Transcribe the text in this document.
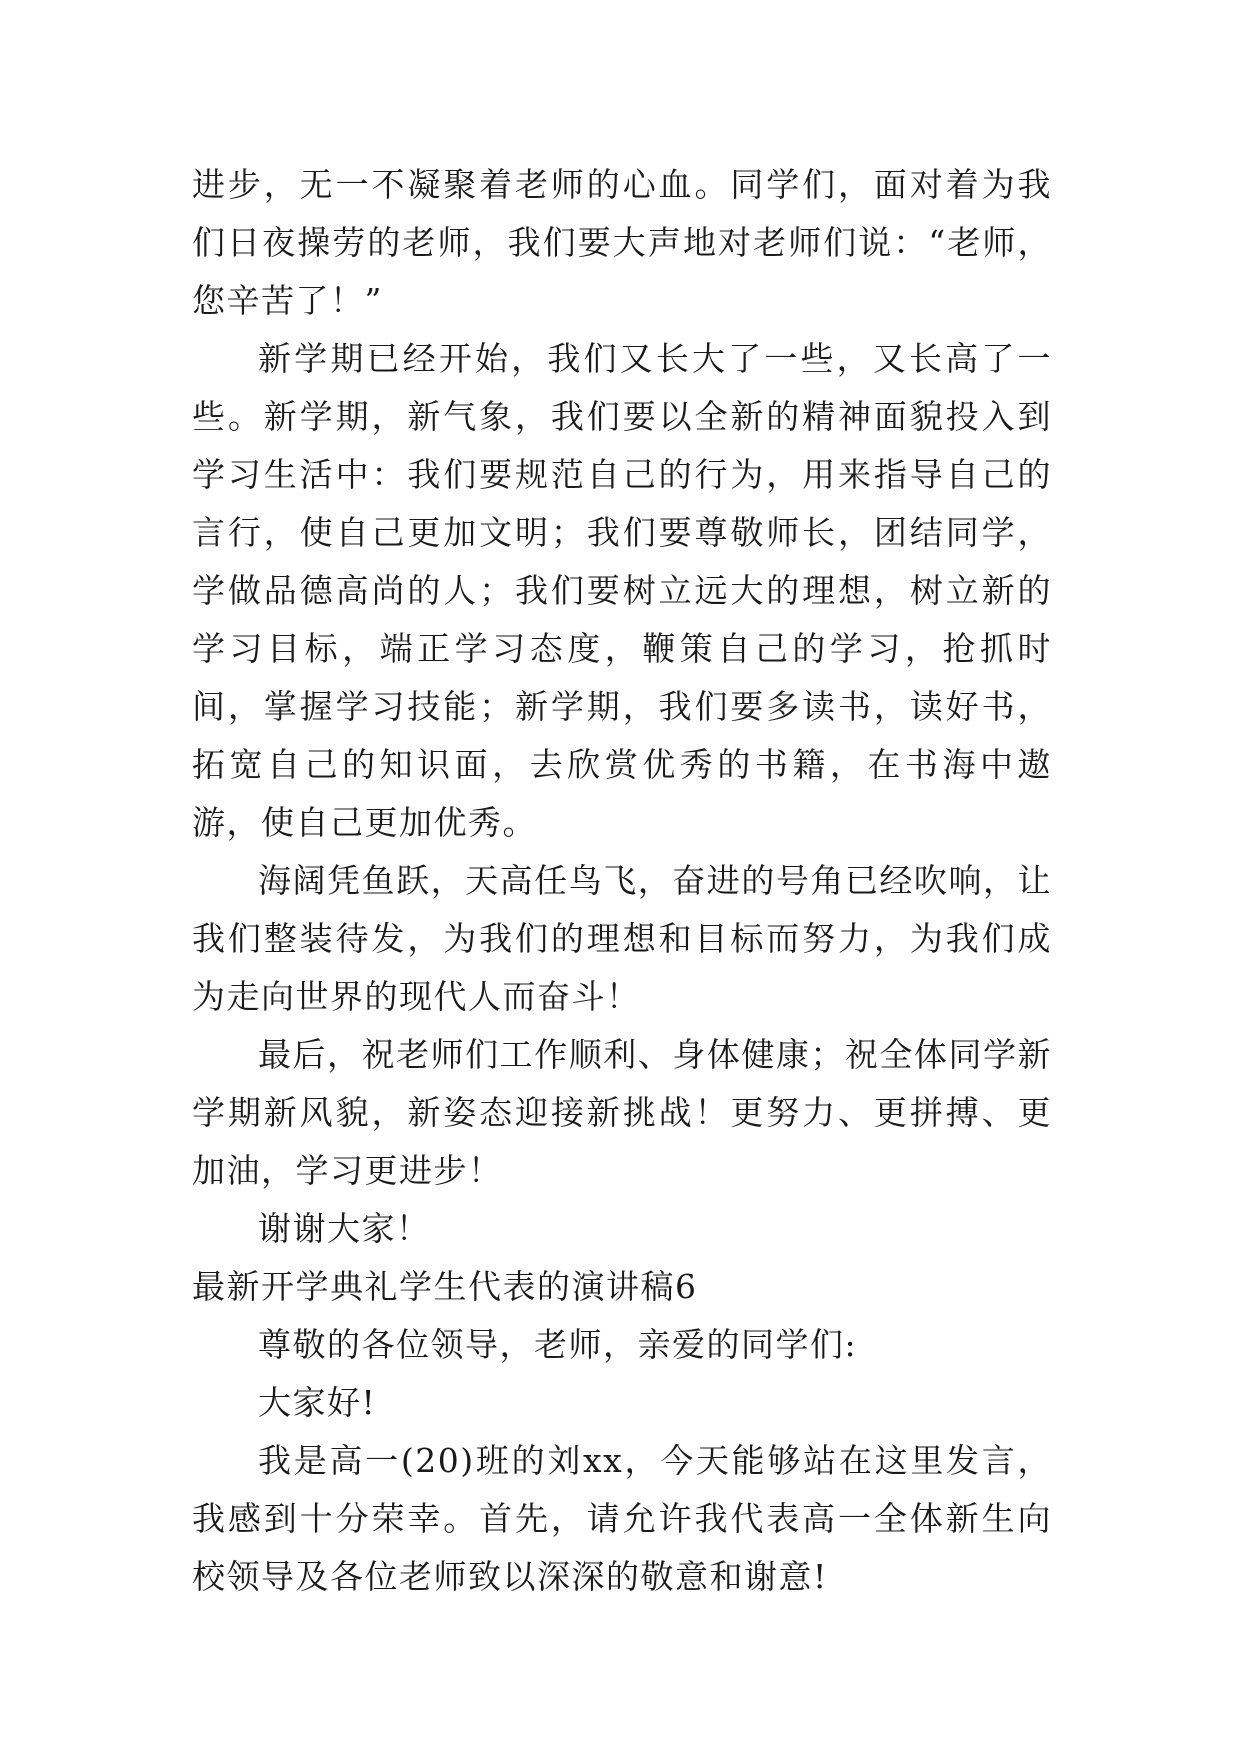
进步，无一不凝聚着老师的心血。同学们，面对着为我们日夜操劳的老师，我们要大声地对老师们说：“老师，您辛苦了！”

新学期已经开始，我们又长大了一些，又长高了一些。新学期，新气象，我们要以全新的精神面貌投入到学习生活中：我们要规范自己的行为，用来指导自己的言行，使自己更加文明；我们要尊敬师长，团结同学，学做品德高尚的人；我们要树立远大的理想，树立新的学习目标，端正学习态度，鞭策自己的学习，抢抓时间，掌握学习技能；新学期，我们要多读书，读好书，拓宽自己的知识面，去欣赏优秀的书籍，在书海中遨游，使自己更加优秀。

海阔凭鱼跃，天高任鸟飞，奋进的号角已经吹响，让我们整装待发，为我们的理想和目标而努力，为我们成为走向世界的现代人而奋斗！

最后，祝老师们工作顺利、身体健康；祝全体同学新学期新风貌，新姿态迎接新挑战！更努力、更拼搏、更加油，学习更进步！

谢谢大家！

最新开学典礼学生代表的演讲稿6

尊敬的各位领导，老师，亲爱的同学们:

大家好!

我是高一(20)班的刘xx，今天能够站在这里发言，我感到十分荣幸。首先，请允许我代表高一全体新生向校领导及各位老师致以深深的敬意和谢意!
